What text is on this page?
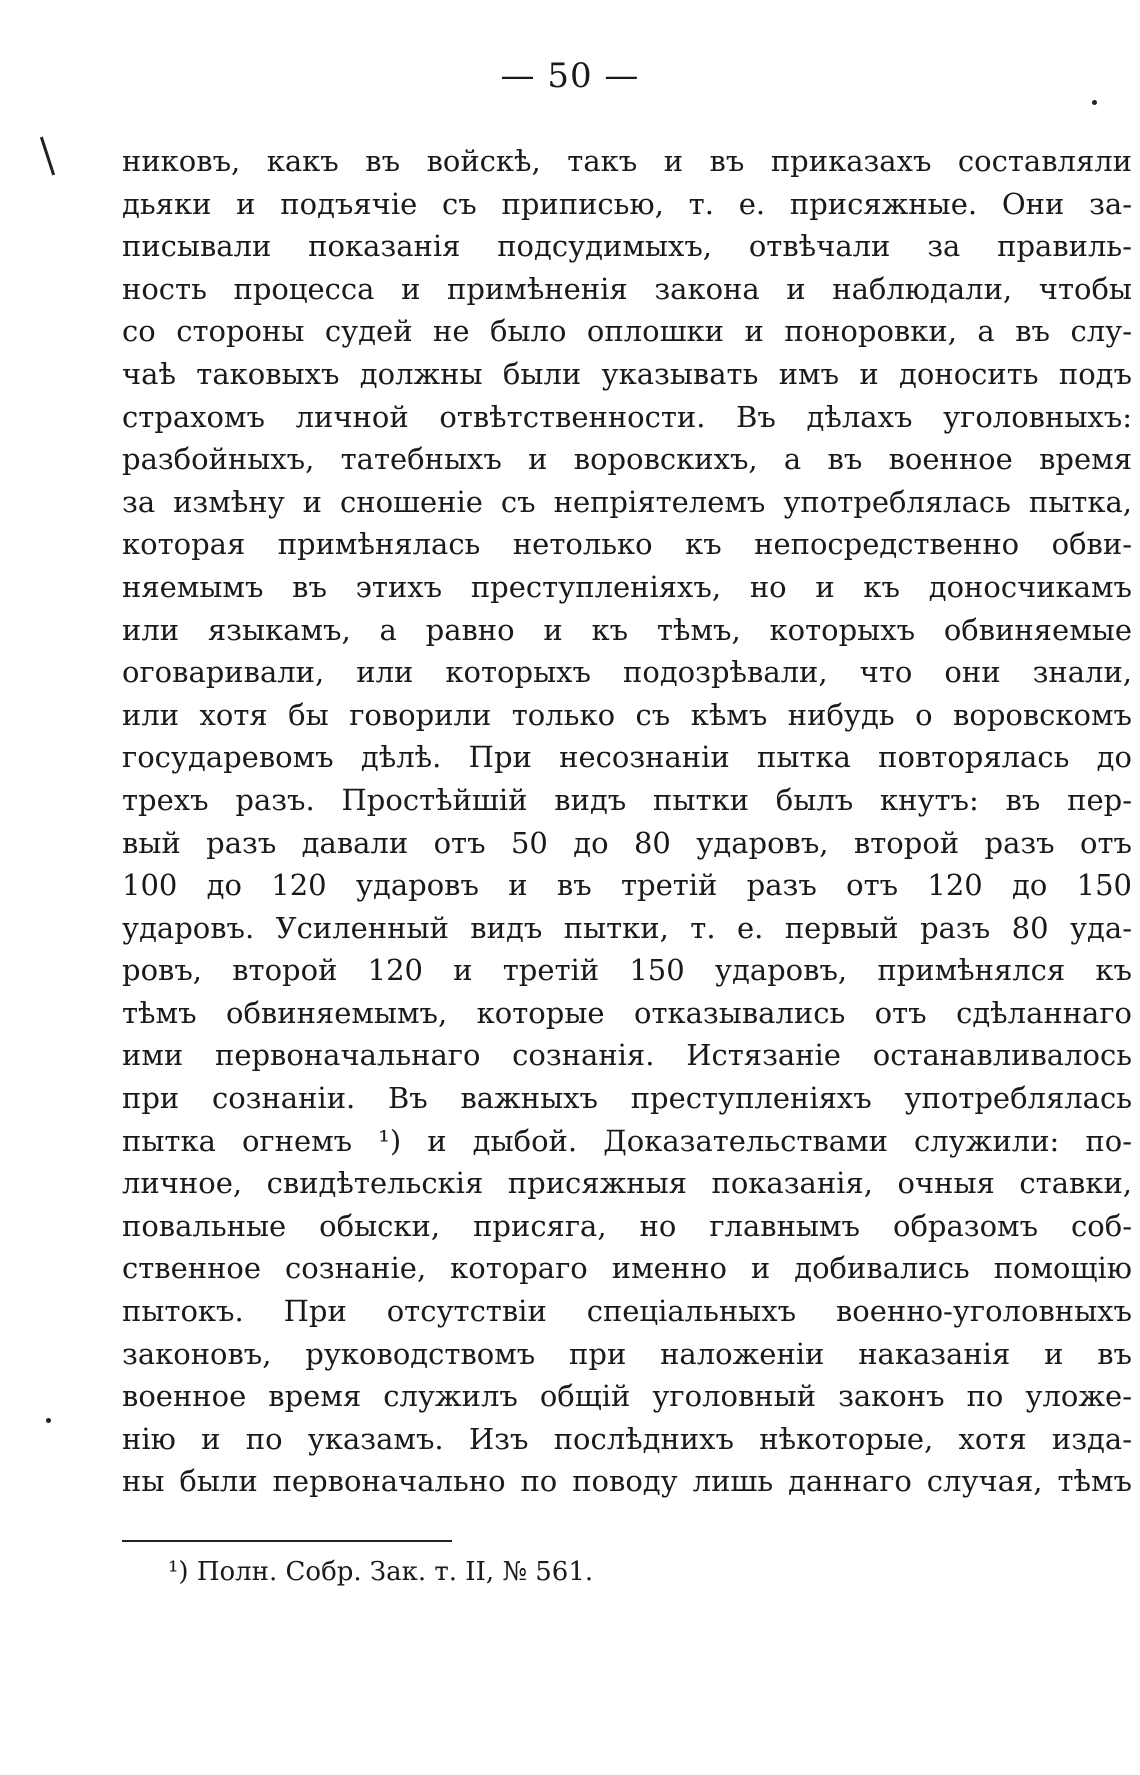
— 50 —
никовъ, какъ въ войскѣ, такъ и въ приказахъ составляли
дьяки и подъячіе съ приписью, т. е. присяжные. Они за-
писывали показанія подсудимыхъ, отвѣчали за правиль-
ность процесса и примѣненія закона и наблюдали, чтобы
со стороны судей не было оплошки и поноровки, а въ слу-
чаѣ таковыхъ должны были указывать имъ и доносить подъ
страхомъ личной отвѣтственности. Въ дѣлахъ уголовныхъ:
разбойныхъ, татебныхъ и воровскихъ, а въ военное время
за измѣну и сношеніе съ непріятелемъ употреблялась пытка,
которая примѣнялась нетолько къ непосредственно обви-
няемымъ въ этихъ преступленіяхъ, но и къ доносчикамъ
или языкамъ, а равно и къ тѣмъ, которыхъ обвиняемые
оговаривали, или которыхъ подозрѣвали, что они знали,
или хотя бы говорили только съ кѣмъ нибудь о воровскомъ
государевомъ дѣлѣ. При несознаніи пытка повторялась до
трехъ разъ. Простѣйшій видъ пытки былъ кнутъ: въ пер-
вый разъ давали отъ 50 до 80 ударовъ, второй разъ отъ
100 до 120 ударовъ и въ третій разъ отъ 120 до 150
ударовъ. Усиленный видъ пытки, т. е. первый разъ 80 уда-
ровъ, второй 120 и третій 150 ударовъ, примѣнялся къ
тѣмъ обвиняемымъ, которые отказывались отъ сдѣланнаго
ими первоначальнаго сознанія. Истязаніе останавливалось
при сознаніи. Въ важныхъ преступленіяхъ употреблялась
пытка огнемъ ¹) и дыбой. Доказательствами служили: по-
личное, свидѣтельскія присяжныя показанія, очныя ставки,
повальные обыски, присяга, но главнымъ образомъ соб-
ственное сознаніе, котораго именно и добивались помощію
пытокъ. При отсутствіи спеціальныхъ военно-уголовныхъ
законовъ, руководствомъ при наложеніи наказанія и въ
военное время служилъ общій уголовный законъ по уложе-
нію и по указамъ. Изъ послѣднихъ нѣкоторые, хотя изда-
ны были первоначально по поводу лишь даннаго случая, тѣмъ
¹) Полн. Собр. Зак. т. II, № 561.
